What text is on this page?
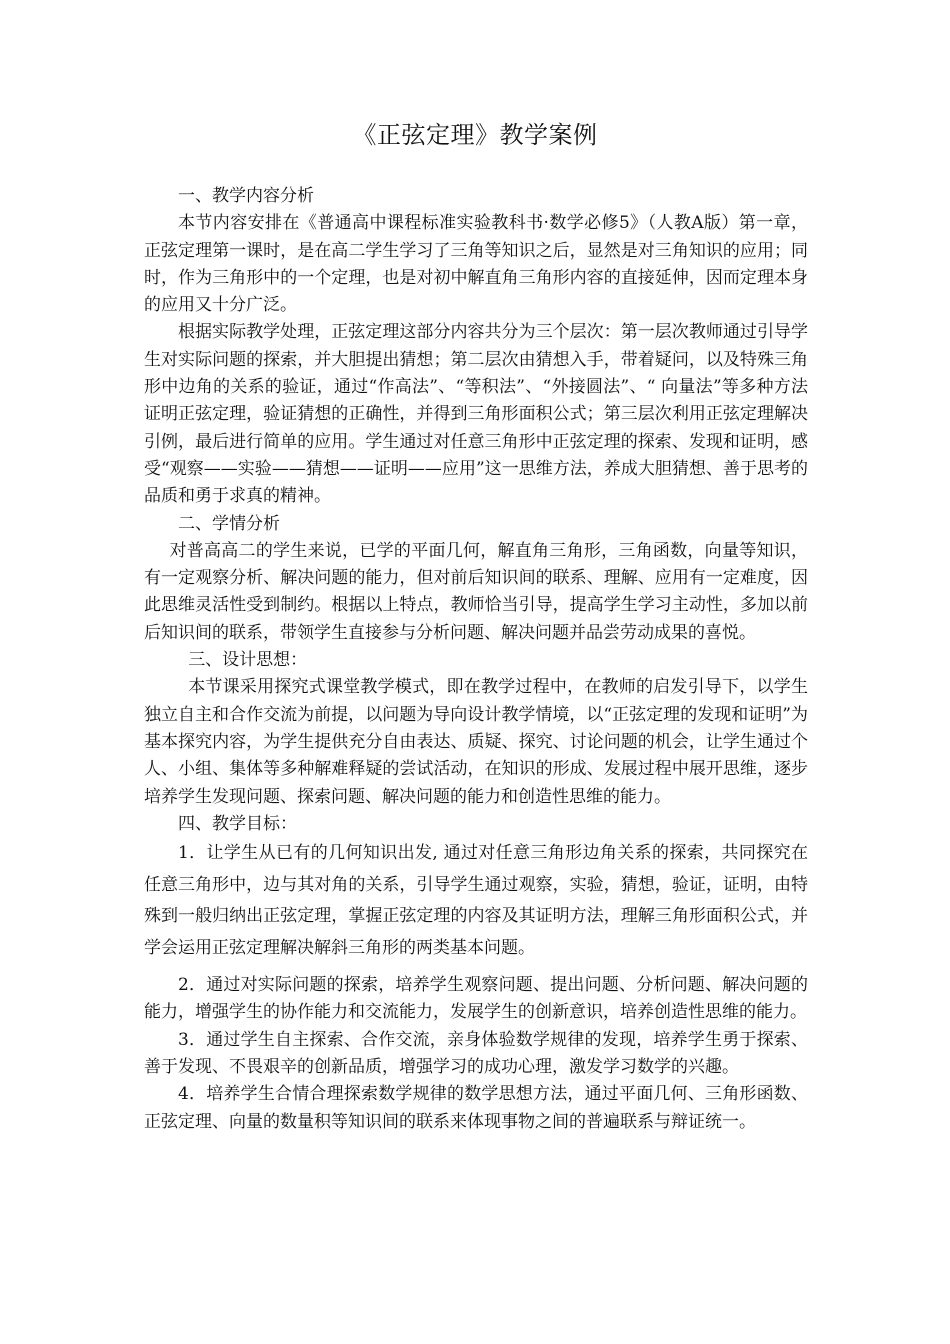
《正弦定理》教学案例

一、教学内容分析

本节内容安排在《普通高中课程标准实验教科书·数学必修5》（人教A版）第一章，正弦定理第一课时，是在高二学生学习了三角等知识之后，显然是对三角知识的应用；同时，作为三角形中的一个定理，也是对初中解直角三角形内容的直接延伸，因而定理本身的应用又十分广泛。

根据实际教学处理，正弦定理这部分内容共分为三个层次：第一层次教师通过引导学生对实际问题的探索，并大胆提出猜想；第二层次由猜想入手，带着疑问，以及特殊三角形中边角的关系的验证，通过“作高法”、“等积法”、“外接圆法”、“ 向量法”等多种方法证明正弦定理，验证猜想的正确性，并得到三角形面积公式；第三层次利用正弦定理解决引例，最后进行简单的应用。学生通过对任意三角形中正弦定理的探索、发现和证明，感受“观察——实验——猜想——证明——应用”这一思维方法，养成大胆猜想、善于思考的品质和勇于求真的精神。

二、学情分析

对普高高二的学生来说，已学的平面几何，解直角三角形，三角函数，向量等知识，有一定观察分析、解决问题的能力，但对前后知识间的联系、理解、应用有一定难度，因此思维灵活性受到制约。根据以上特点，教师恰当引导，提高学生学习主动性，多加以前后知识间的联系，带领学生直接参与分析问题、解决问题并品尝劳动成果的喜悦。

三、设计思想：

本节课采用探究式课堂教学模式，即在教学过程中，在教师的启发引导下，以学生独立自主和合作交流为前提，以问题为导向设计教学情境，以“正弦定理的发现和证明”为基本探究内容，为学生提供充分自由表达、质疑、探究、讨论问题的机会，让学生通过个人、小组、集体等多种解难释疑的尝试活动，在知识的形成、发展过程中展开思维，逐步培养学生发现问题、探索问题、解决问题的能力和创造性思维的能力。

四、教学目标：

1．让学生从已有的几何知识出发, 通过对任意三角形边角关系的探索，共同探究在任意三角形中，边与其对角的关系，引导学生通过观察，实验，猜想，验证，证明，由特殊到一般归纳出正弦定理，掌握正弦定理的内容及其证明方法，理解三角形面积公式，并学会运用正弦定理解决解斜三角形的两类基本问题。

2．通过对实际问题的探索，培养学生观察问题、提出问题、分析问题、解决问题的能力，增强学生的协作能力和交流能力，发展学生的创新意识，培养创造性思维的能力。

3．通过学生自主探索、合作交流，亲身体验数学规律的发现，培养学生勇于探索、善于发现、不畏艰辛的创新品质，增强学习的成功心理，激发学习数学的兴趣。

4．培养学生合情合理探索数学规律的数学思想方法，通过平面几何、三角形函数、正弦定理、向量的数量积等知识间的联系来体现事物之间的普遍联系与辩证统一。
